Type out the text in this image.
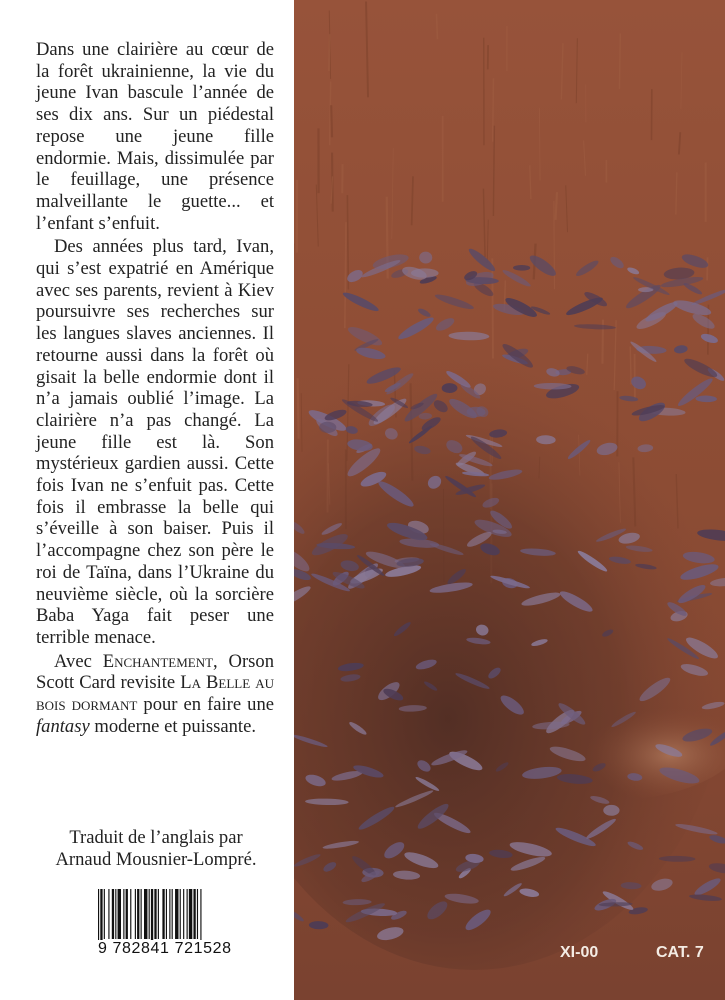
Dans une clairière au cœur de la forêt ukrainienne, la vie du jeune Ivan bascule l’année de ses dix ans. Sur un piédestal repose une jeune fille endormie. Mais, dissimulée par le feuillage, une présence malveillante le guette... et l’enfant s’enfuit.

Des années plus tard, Ivan, qui s’est expatrié en Amérique avec ses parents, revient à Kiev poursuivre ses recherches sur les langues slaves anciennes. Il retourne aussi dans la forêt où gisait la belle endormie dont il n’a jamais oublié l’image. La clairière n’a pas changé. La jeune fille est là. Son mystérieux gardien aussi. Cette fois Ivan ne s’enfuit pas. Cette fois il embrasse la belle qui s’éveille à son baiser. Puis il l’accompagne chez son père le roi de Taïna, dans l’Ukraine du neuvième siècle, où la sorcière Baba Yaga fait peser une terrible menace.

Avec Enchantement, Orson Scott Card revisite La Belle au bois dormant pour en faire une fantasy moderne et puissante.

Traduit de l’anglais par
Arnaud Mousnier-Lompré.
9 782841 721528	XI-00	CAT. 7
